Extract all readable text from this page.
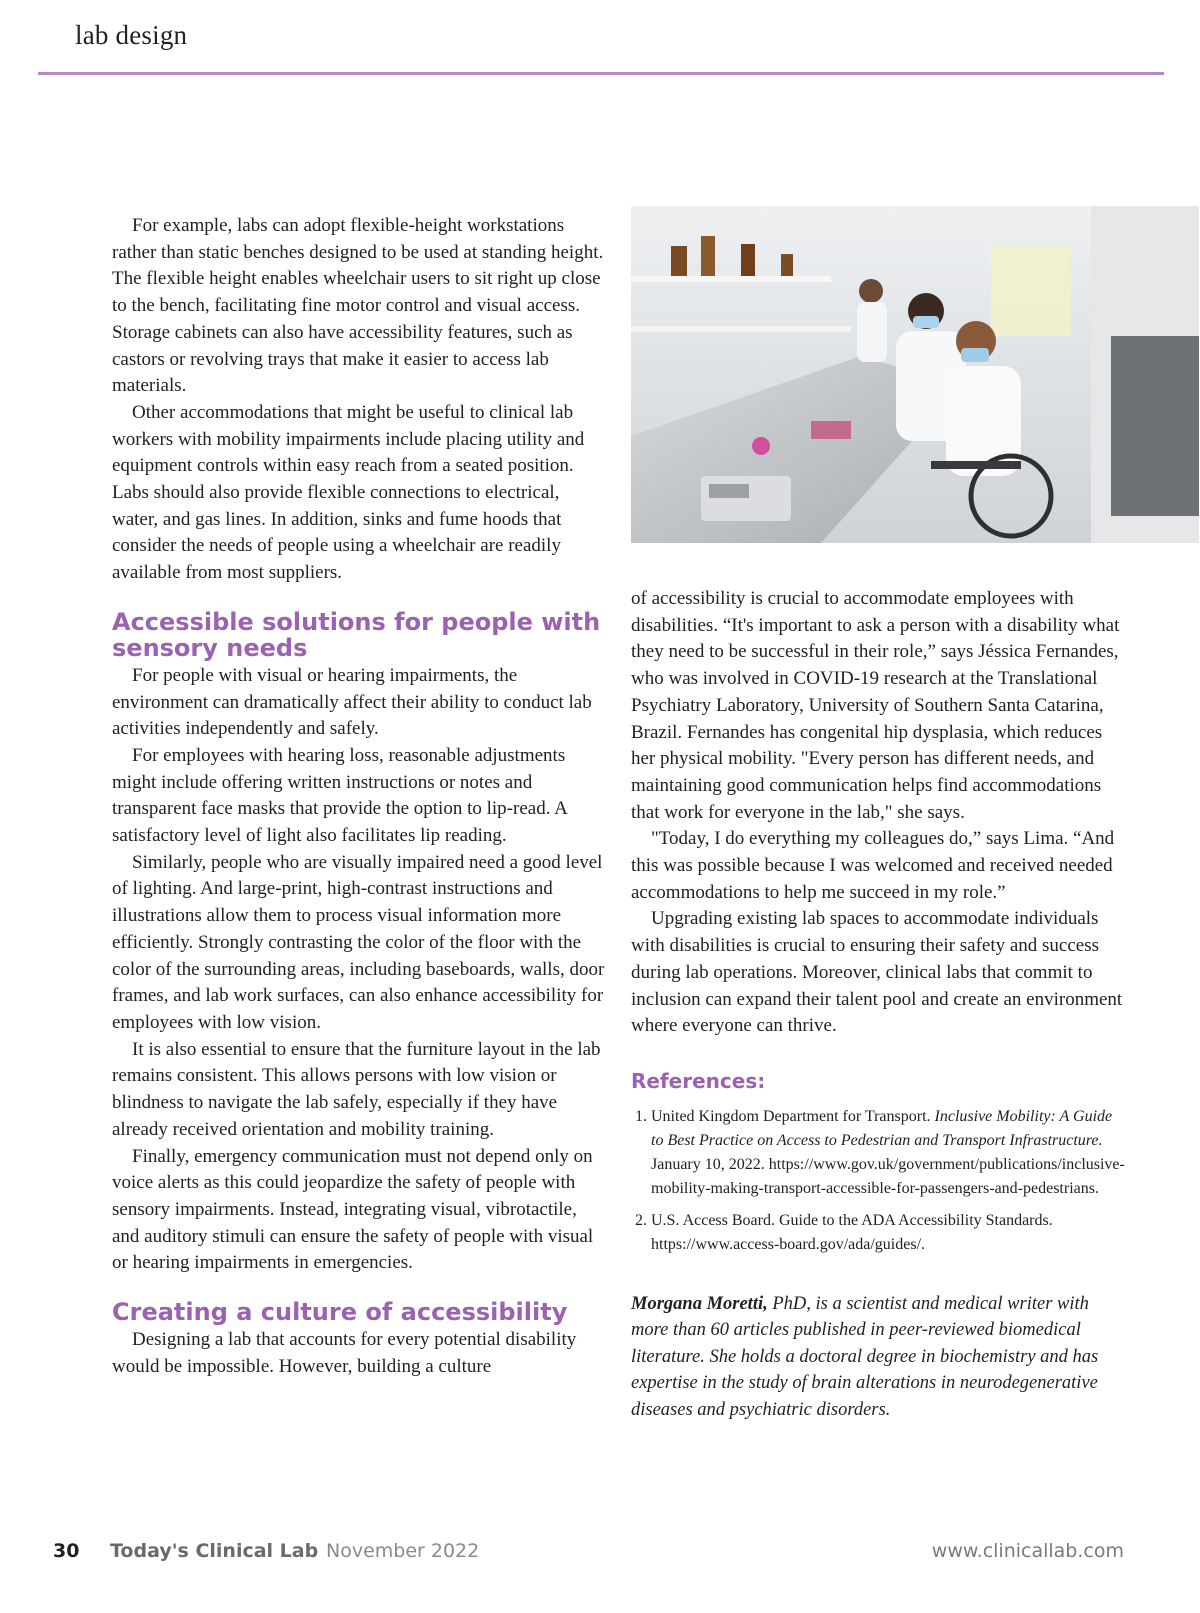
lab design

For example, labs can adopt flexible-height workstations rather than static benches designed to be used at standing height. The flexible height enables wheelchair users to sit right up close to the bench, facilitating fine motor control and visual access. Storage cabinets can also have accessibility features, such as castors or revolving trays that make it easier to access lab materials.

Other accommodations that might be useful to clinical lab workers with mobility impairments include placing utility and equipment controls within easy reach from a seated position. Labs should also provide flexible connections to electrical, water, and gas lines. In addition, sinks and fume hoods that consider the needs of people using a wheelchair are readily available from most suppliers.

Accessible solutions for people with sensory needs

For people with visual or hearing impairments, the environment can dramatically affect their ability to conduct lab activities independently and safely.

For employees with hearing loss, reasonable adjustments might include offering written instructions or notes and transparent face masks that provide the option to lip-read. A satisfactory level of light also facilitates lip reading.

Similarly, people who are visually impaired need a good level of lighting. And large-print, high-contrast instructions and illustrations allow them to process visual information more efficiently. Strongly contrasting the color of the floor with the color of the surrounding areas, including baseboards, walls, door frames, and lab work surfaces, can also enhance accessibility for employees with low vision.

It is also essential to ensure that the furniture layout in the lab remains consistent. This allows persons with low vision or blindness to navigate the lab safely, especially if they have already received orientation and mobility training.

Finally, emergency communication must not depend only on voice alerts as this could jeopardize the safety of people with sensory impairments. Instead, integrating visual, vibrotactile, and auditory stimuli can ensure the safety of people with visual or hearing impairments in emergencies.

Creating a culture of accessibility

Designing a lab that accounts for every potential disability would be impossible. However, building a culture

of accessibility is crucial to accommodate employees with disabilities. “It's important to ask a person with a disability what they need to be successful in their role,” says Jéssica Fernandes, who was involved in COVID-19 research at the Translational Psychiatry Laboratory, University of Southern Santa Catarina, Brazil. Fernandes has congenital hip dysplasia, which reduces her physical mobility. "Every person has different needs, and maintaining good communication helps find accommodations that work for everyone in the lab," she says.

"Today, I do everything my colleagues do,” says Lima. “And this was possible because I was welcomed and received needed accommodations to help me succeed in my role.”

Upgrading existing lab spaces to accommodate individuals with disabilities is crucial to ensuring their safety and success during lab operations. Moreover, clinical labs that commit to inclusion can expand their talent pool and create an environment where everyone can thrive.

References:
1. United Kingdom Department for Transport. Inclusive Mobility: A Guide to Best Practice on Access to Pedestrian and Transport Infrastructure. January 10, 2022. https://www.gov.uk/government/publications/inclusive-mobility-making-transport-accessible-for-passengers-and-pedestrians.
2. U.S. Access Board. Guide to the ADA Accessibility Standards. https://www.access-board.gov/ada/guides/.
Morgana Moretti, PhD, is a scientist and medical writer with more than 60 articles published in peer-reviewed biomedical literature. She holds a doctoral degree in biochemistry and has expertise in the study of brain alterations in neurodegenerative diseases and psychiatric disorders.
30 Today's Clinical Lab November 2022	www.clinicallab.com
